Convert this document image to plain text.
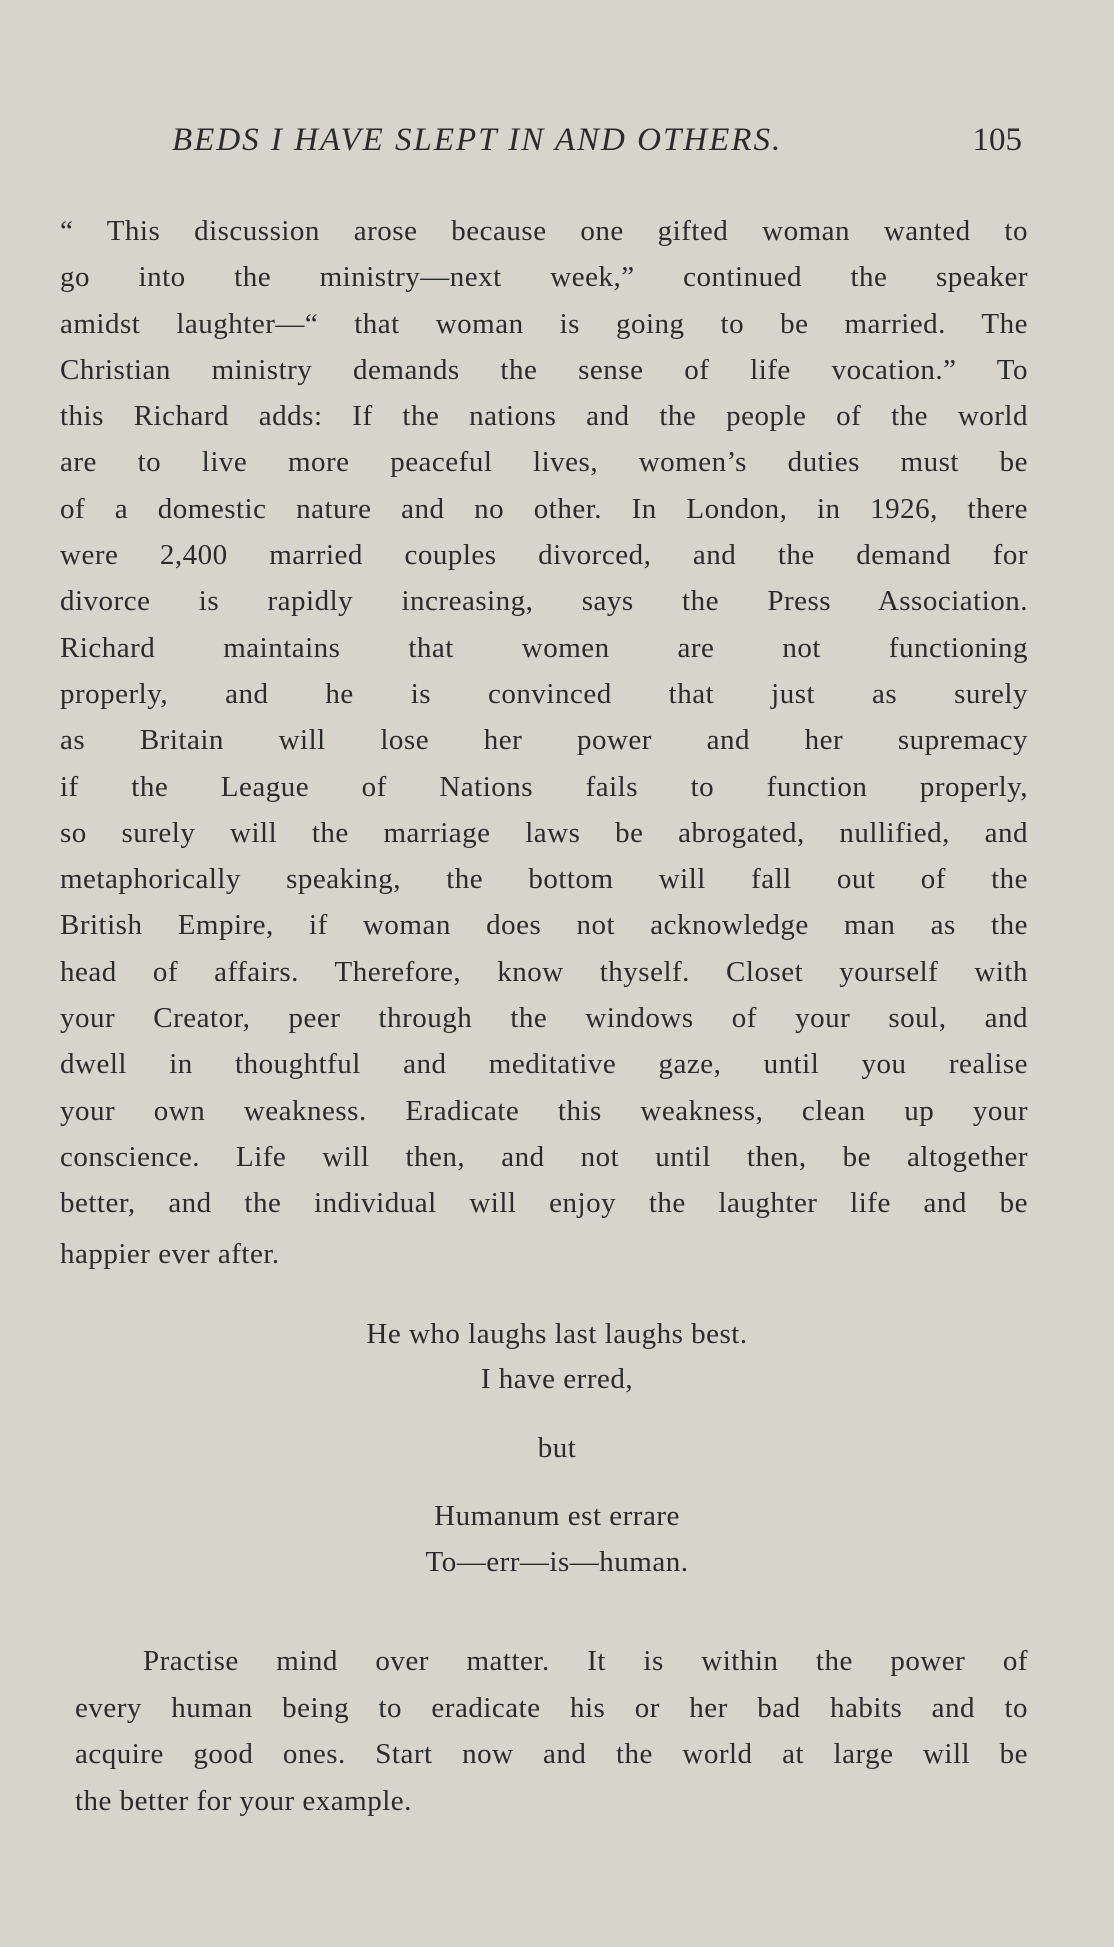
BEDS I HAVE SLEPT IN AND OTHERS.	105
“ This discussion arose because one gifted woman wanted to
go into the ministry—next week,” continued the speaker
amidst laughter—“ that woman is going to be married. The
Christian ministry demands the sense of life vocation.” To
this Richard adds: If the nations and the people of the world
are to live more peaceful lives, women’s duties must be
of a domestic nature and no other. In London, in 1926, there
were 2,400 married couples divorced, and the demand for
divorce is rapidly increasing, says the Press Association.
Richard maintains that women are not functioning
properly, and he is convinced that just as surely
as Britain will lose her power and her supremacy
if the League of Nations fails to function properly,
so surely will the marriage laws be abrogated, nullified, and
metaphorically speaking, the bottom will fall out of the
British Empire, if woman does not acknowledge man as the
head of affairs. Therefore, know thyself. Closet yourself with
your Creator, peer through the windows of your soul, and
dwell in thoughtful and meditative gaze, until you realise
your own weakness. Eradicate this weakness, clean up your
conscience. Life will then, and not until then, be altogether
better, and the individual will enjoy the laughter life and be
happier ever after.
He who laughs last laughs best.
I have erred,
but
Humanum est errare
To—err—is—human.
Practise mind over matter. It is within the power of
every human being to eradicate his or her bad habits and to
acquire good ones. Start now and the world at large will be
the better for your example.
